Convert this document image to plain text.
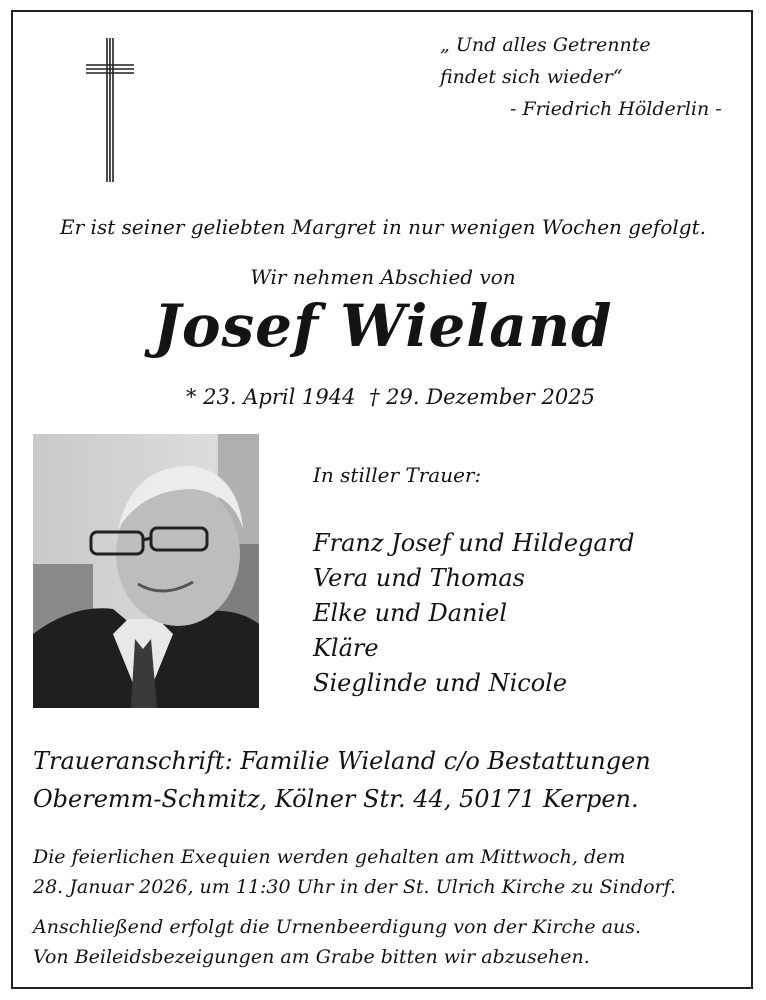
„ Und alles Getrennte
findet sich wieder“
- Friedrich Hölderlin -
Er ist seiner geliebten Margret in nur wenigen Wochen gefolgt.
Wir nehmen Abschied von
Josef Wieland
* 23. April 1944 † 29. Dezember 2025
In stiller Trauer:
Franz Josef und Hildegard
Vera und Thomas
Elke und Daniel
Kläre
Sieglinde und Nicole
Traueranschrift: Familie Wieland c/o Bestattungen
Oberemm-Schmitz, Kölner Str. 44, 50171 Kerpen.
Die feierlichen Exequien werden gehalten am Mittwoch, dem
28. Januar 2026, um 11:30 Uhr in der St. Ulrich Kirche zu Sindorf.
Anschließend erfolgt die Urnenbeerdigung von der Kirche aus.
Von Beileidsbezeigungen am Grabe bitten wir abzusehen.
